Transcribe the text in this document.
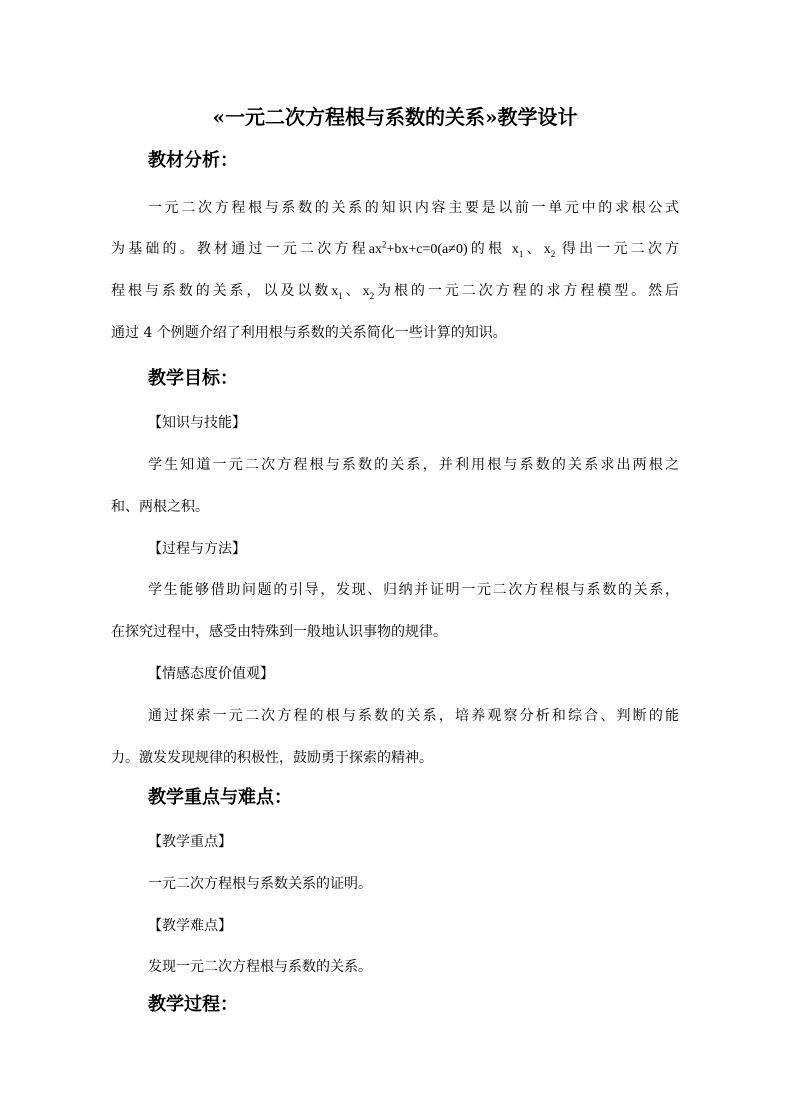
«一元二次方程根与系数的关系»教学设计
教材分析：
一元二次方程根与系数的关系的知识内容主要是以前一单元中的求根公式
为基础的。教材通过一元二次方程$ax^2+bx+c=0(a\ne 0)$的根 $x_1$、$x_2$ 得出一元二次方
程根与系数的关系，以及以数$x_1$、$x_2$为根的一元二次方程的求方程模型。然后
通过 4 个例题介绍了利用根与系数的关系简化一些计算的知识。
教学目标：
【知识与技能】
学生知道一元二次方程根与系数的关系，并利用根与系数的关系求出两根之
和、两根之积。
【过程与方法】
学生能够借助问题的引导，发现、归纳并证明一元二次方程根与系数的关系，
在探究过程中，感受由特殊到一般地认识事物的规律。
【情感态度价值观】
通过探索一元二次方程的根与系数的关系，培养观察分析和综合、判断的能
力。激发发现规律的积极性，鼓励勇于探索的精神。
教学重点与难点：
【教学重点】
一元二次方程根与系数关系的证明。
【教学难点】
发现一元二次方程根与系数的关系。
教学过程：
